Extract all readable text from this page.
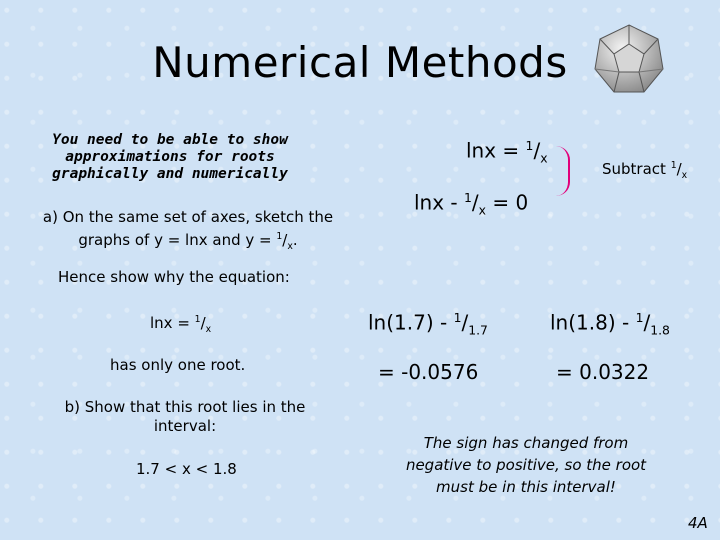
Numerical Methods
You need to be able to show approximations for roots graphically and numerically
a) On the same set of axes, sketch the graphs of y = lnx and $y = ^1/_x$.
Hence show why the equation:
$\ln x = ^1/_x$
has only one root.
b) Show that this root lies in the interval:
1.7 < x < 1.8
$\ln x = ^1/_x$
$\ln x - ^1/_x = 0$
Subtract $^1/_x$
$\ln(1.7) - ^1/_{1.7}$	$\ln(1.8) - ^1/_{1.8}$
= -0.0576	= 0.0322
The sign has changed from negative to positive, so the root must be in this interval!
4A
